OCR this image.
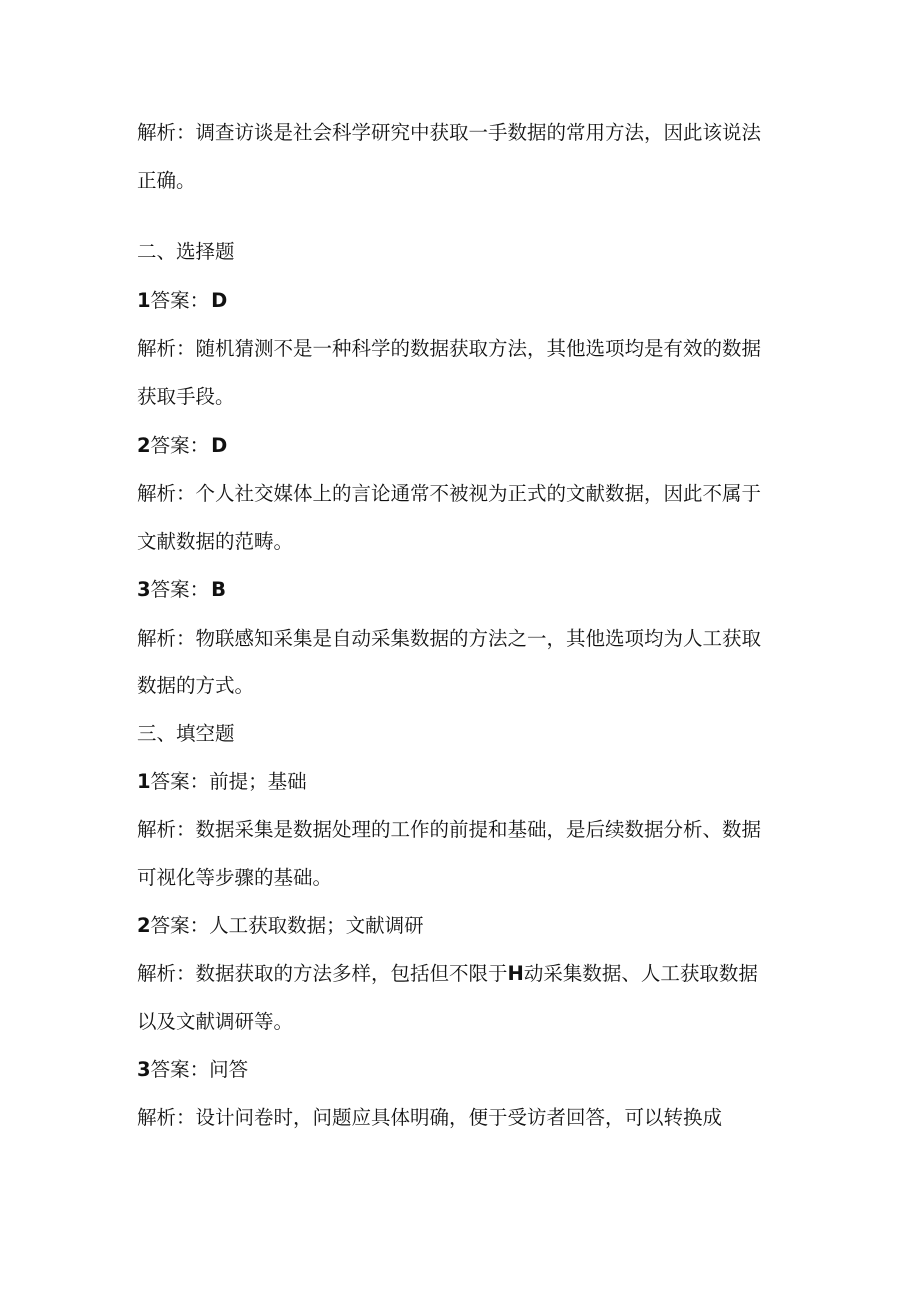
解析：调查访谈是社会科学研究中获取一手数据的常用方法，因此该说法
正确。
二、选择题
1答案： D
解析：随机猜测不是一种科学的数据获取方法，其他选项均是有效的数据
获取手段。
2答案： D
解析：个人社交媒体上的言论通常不被视为正式的文献数据，因此不属于
文献数据的范畴。
3答案： B
解析：物联感知采集是自动采集数据的方法之一，其他选项均为人工获取
数据的方式。
三、填空题
1答案：前提；基础
解析：数据采集是数据处理的工作的前提和基础，是后续数据分析、数据
可视化等步骤的基础。
2答案：人工获取数据；文献调研
解析：数据获取的方法多样，包括但不限于H动采集数据、人工获取数据
以及文献调研等。
3答案：问答
解析：设计问卷时，问题应具体明确，便于受访者回答，可以转换成
